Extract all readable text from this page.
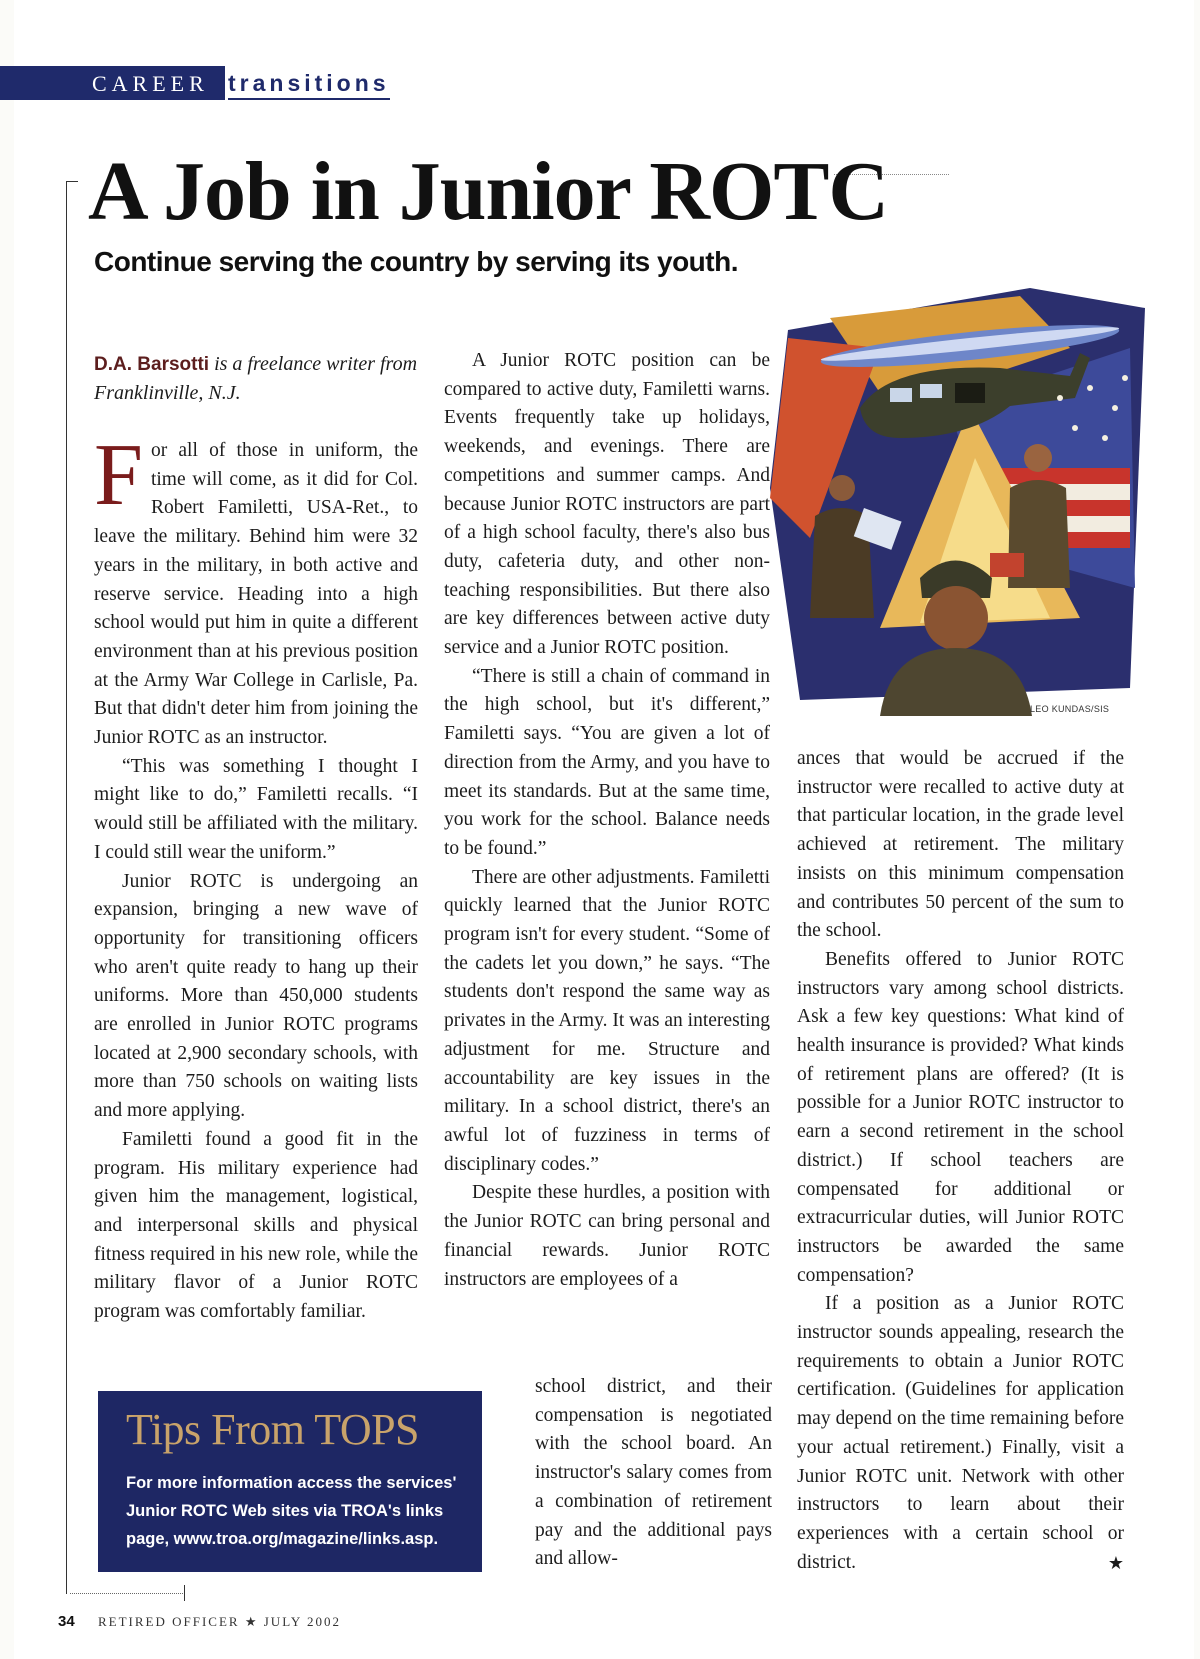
CAREER transitions
A Job in Junior ROTC
Continue serving the country by serving its youth.
D.A. Barsotti is a freelance writer from Franklinville, N.J.

For all of those in uniform, the time will come, as it did for Col. Robert Familetti, USA-Ret., to leave the military. Behind him were 32 years in the military, in both active and reserve service. Heading into a high school would put him in quite a different environment than at his previous position at the Army War College in Carlisle, Pa. But that didn't deter him from joining the Junior ROTC as an instructor.

“This was something I thought I might like to do,” Familetti recalls. “I would still be affiliated with the military. I could still wear the uniform.”

Junior ROTC is undergoing an expansion, bringing a new wave of opportunity for transitioning officers who aren't quite ready to hang up their uniforms. More than 450,000 students are enrolled in Junior ROTC programs located at 2,900 secondary schools, with more than 750 schools on waiting lists and more applying.

Familetti found a good fit in the program. His military experience had given him the management, logistical, and interpersonal skills and physical fitness required in his new role, while the military flavor of a Junior ROTC program was comfortably familiar.

A Junior ROTC position can be compared to active duty, Familetti warns. Events frequently take up holidays, weekends, and evenings. There are competitions and summer camps. And because Junior ROTC instructors are part of a high school faculty, there's also bus duty, cafeteria duty, and other non-teaching responsibilities. But there also are key differences between active duty service and a Junior ROTC position.

“There is still a chain of command in the high school, but it's different,” Familetti says. “You are given a lot of direction from the Army, and you have to meet its standards. But at the same time, you work for the school. Balance needs to be found.”

There are other adjustments. Familetti quickly learned that the Junior ROTC program isn't for every student. “Some of the cadets let you down,” he says. “The students don't respond the same way as privates in the Army. It was an interesting adjustment for me. Structure and accountability are key issues in the military. In a school district, there's an awful lot of fuzziness in terms of disciplinary codes.”

Despite these hurdles, a position with the Junior ROTC can bring personal and financial rewards. Junior ROTC instructors are employees of a

school district, and their compensation is negotiated with the school board. An instructor's salary comes from a combination of retirement pay and the additional pays and allow-

LEO KUNDAS/SIS

ances that would be accrued if the instructor were recalled to active duty at that particular location, in the grade level achieved at retirement. The military insists on this minimum compensation and contributes 50 percent of the sum to the school.

Benefits offered to Junior ROTC instructors vary among school districts. Ask a few key questions: What kind of health insurance is provided? What kinds of retirement plans are offered? (It is possible for a Junior ROTC instructor to earn a second retirement in the school district.) If school teachers are compensated for additional or extracurricular duties, will Junior ROTC instructors be awarded the same compensation?

If a position as a Junior ROTC instructor sounds appealing, research the requirements to obtain a Junior ROTC certification. (Guidelines for application may depend on the time remaining before your actual retirement.) Finally, visit a Junior ROTC unit. Network with other instructors to learn about their experiences with a certain school or district.	★

Tips From TOPS
For more information access the services' Junior ROTC Web sites via TROA's links page, www.troa.org/magazine/links.asp.
34 RETIRED OFFICER ★ JULY 2002
